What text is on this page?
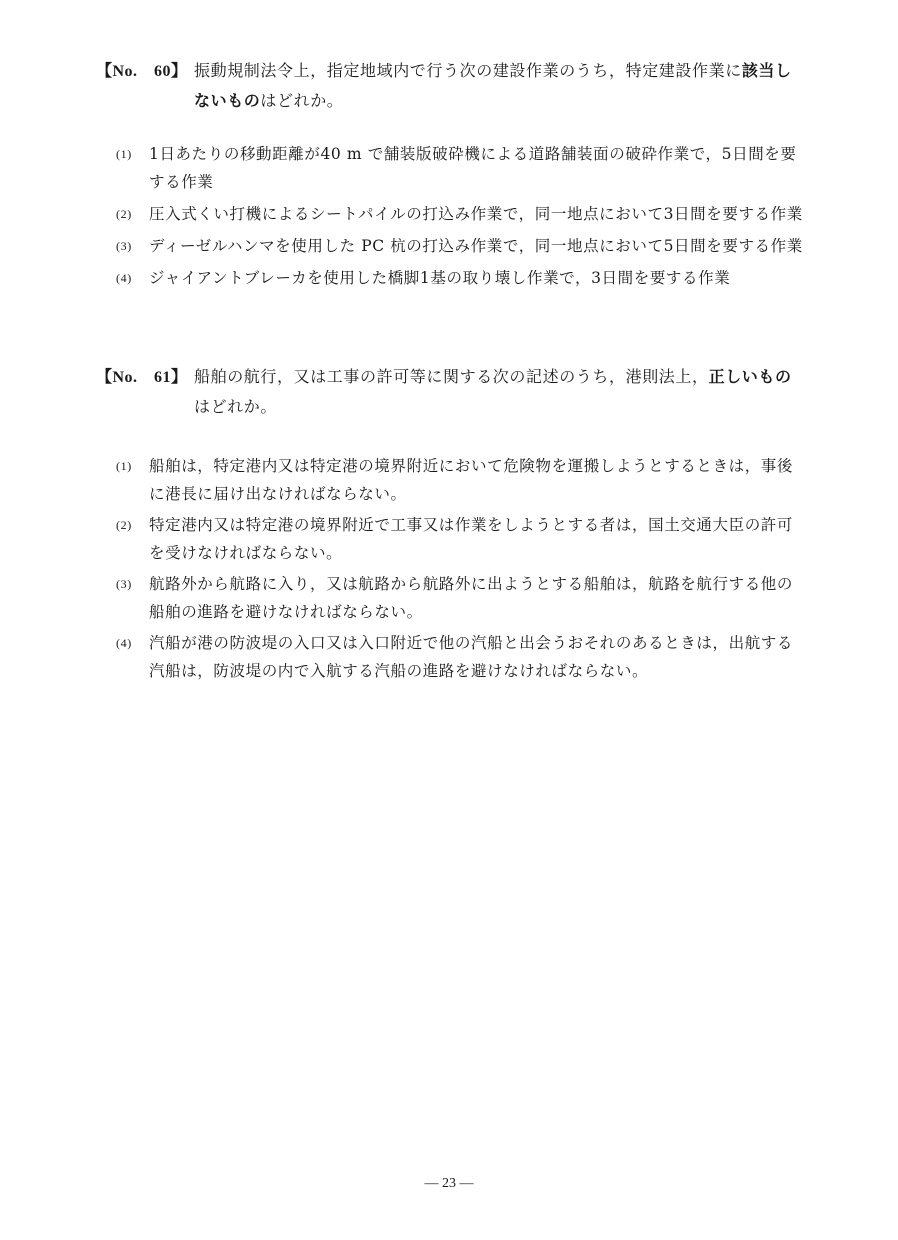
【No.　60】 振動規制法令上，指定地域内で行う次の建設作業のうち，特定建設作業に該当しないものはどれか。
(1)	1日あたりの移動距離が40 m で舗装版破砕機による道路舗装面の破砕作業で，5日間を要する作業
(2)	圧入式くい打機によるシートパイルの打込み作業で，同一地点において3日間を要する作業
(3)	ディーゼルハンマを使用した PC 杭の打込み作業で，同一地点において5日間を要する作業
(4)	ジャイアントブレーカを使用した橋脚1基の取り壊し作業で，3日間を要する作業
【No.　61】 船舶の航行，又は工事の許可等に関する次の記述のうち，港則法上，正しいものはどれか。
(1)	船舶は，特定港内又は特定港の境界附近において危険物を運搬しようとするときは，事後に港長に届け出なければならない。
(2)	特定港内又は特定港の境界附近で工事又は作業をしようとする者は，国土交通大臣の許可を受けなければならない。
(3)	航路外から航路に入り，又は航路から航路外に出ようとする船舶は，航路を航行する他の船舶の進路を避けなければならない。
(4)	汽船が港の防波堤の入口又は入口附近で他の汽船と出会うおそれのあるときは，出航する汽船は，防波堤の内で入航する汽船の進路を避けなければならない。
― 23 ―
